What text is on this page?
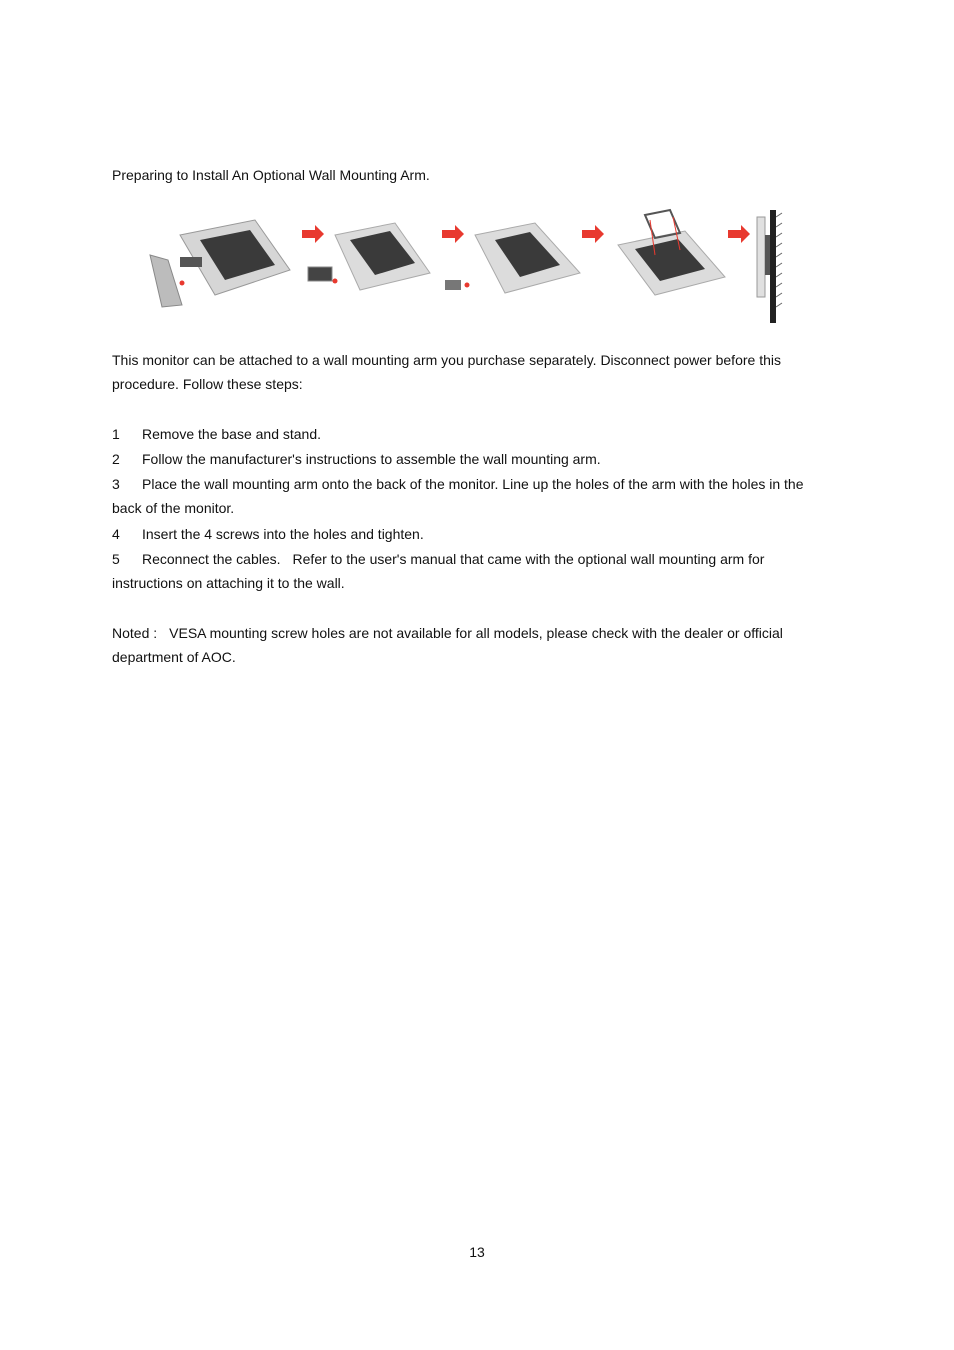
Preparing to Install An Optional Wall Mounting Arm.

This monitor can be attached to a wall mounting arm you purchase separately. Disconnect power before this procedure. Follow these steps:

1 Remove the base and stand.

2 Follow the manufacturer's instructions to assemble the wall mounting arm.

3 Place the wall mounting arm onto the back of the monitor. Line up the holes of the arm with the holes in the back of the monitor.

4 Insert the 4 screws into the holes and tighten.

5 Reconnect the cables. Refer to the user's manual that came with the optional wall mounting arm for instructions on attaching it to the wall.

Noted : VESA mounting screw holes are not available for all models, please check with the dealer or official department of AOC.

13
